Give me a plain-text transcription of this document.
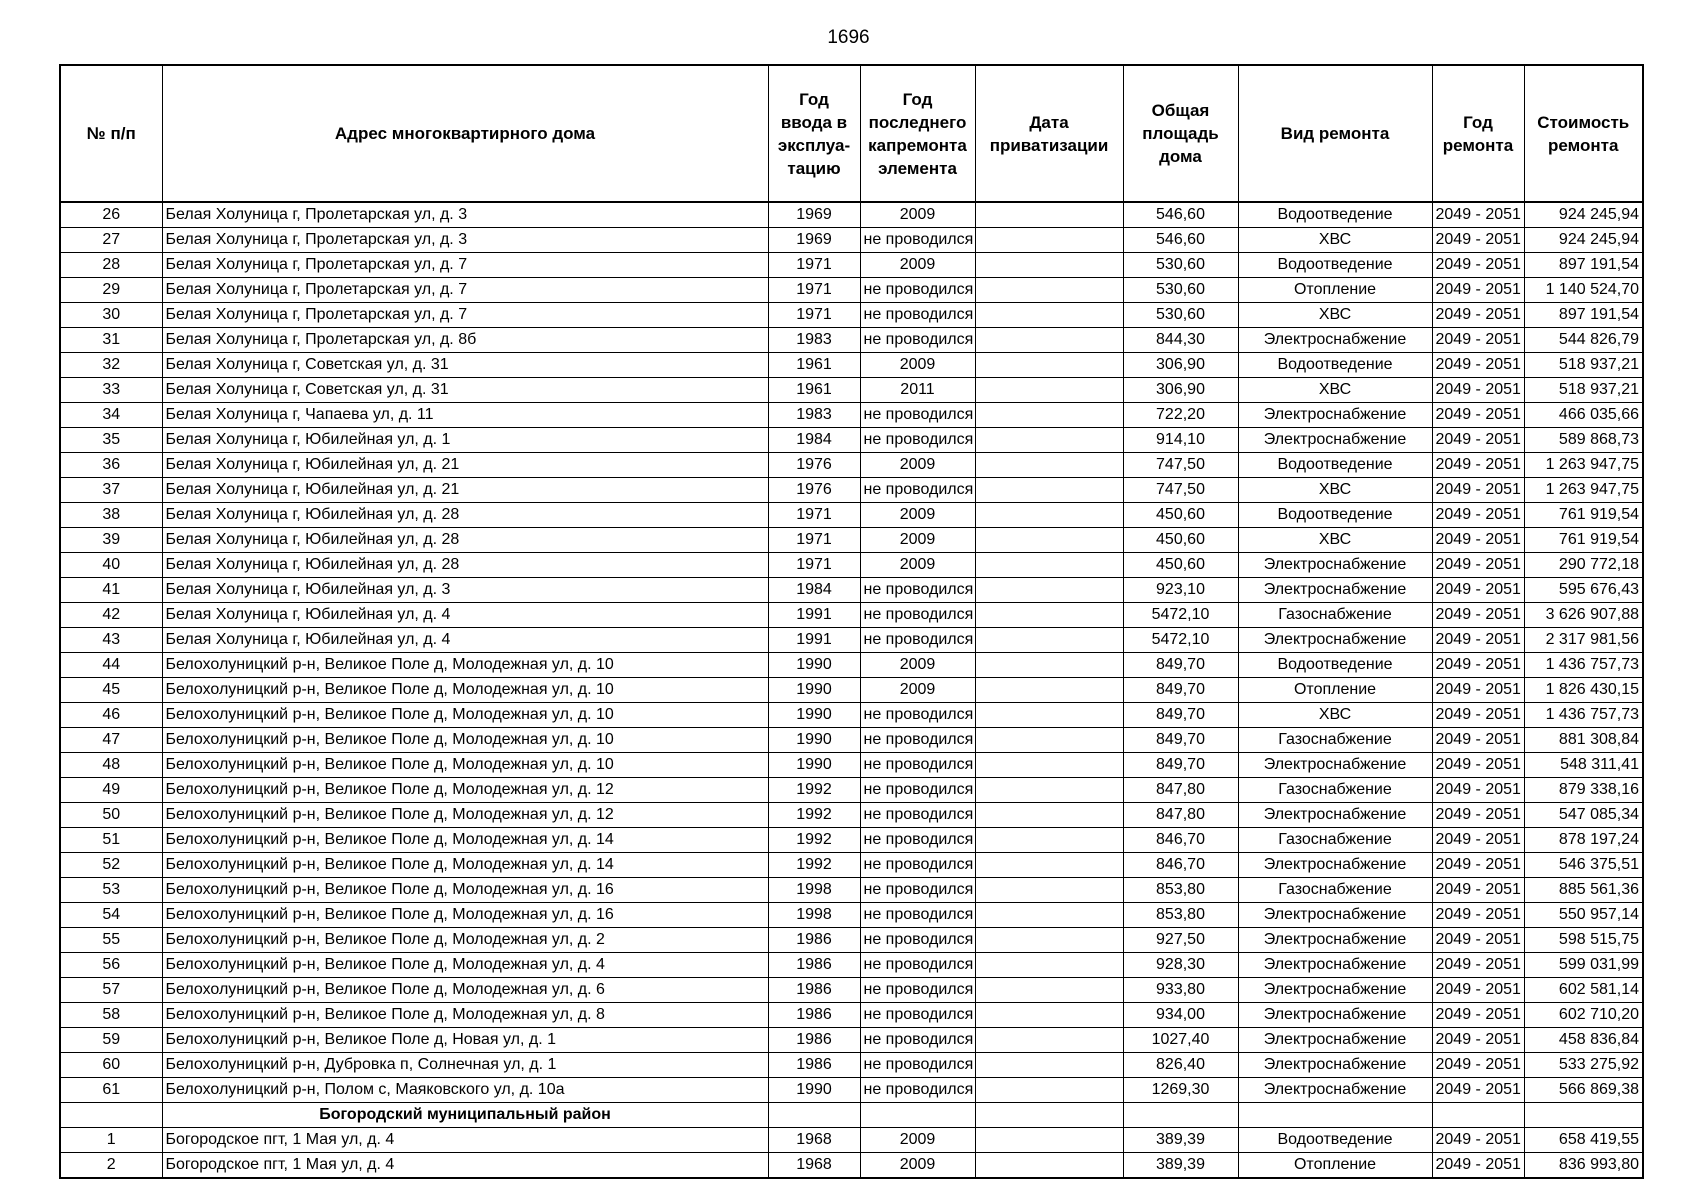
1696
№ п/п	Адрес многоквартирного дома	Год ввода в эксплуа-тацию	Год последнего капремонта элемента	Дата приватизации	Общая площадь дома	Вид ремонта	Год ремонта	Стоимость ремонта
26	Белая Холуница г, Пролетарская ул, д. 3	1969	2009		546,60	Водоотведение	2049 - 2051	924 245,94
27	Белая Холуница г, Пролетарская ул, д. 3	1969	не проводился		546,60	ХВС	2049 - 2051	924 245,94
28	Белая Холуница г, Пролетарская ул, д. 7	1971	2009		530,60	Водоотведение	2049 - 2051	897 191,54
29	Белая Холуница г, Пролетарская ул, д. 7	1971	не проводился		530,60	Отопление	2049 - 2051	1 140 524,70
30	Белая Холуница г, Пролетарская ул, д. 7	1971	не проводился		530,60	ХВС	2049 - 2051	897 191,54
31	Белая Холуница г, Пролетарская ул, д. 8б	1983	не проводился		844,30	Электроснабжение	2049 - 2051	544 826,79
32	Белая Холуница г, Советская ул, д. 31	1961	2009		306,90	Водоотведение	2049 - 2051	518 937,21
33	Белая Холуница г, Советская ул, д. 31	1961	2011		306,90	ХВС	2049 - 2051	518 937,21
34	Белая Холуница г, Чапаева ул, д. 11	1983	не проводился		722,20	Электроснабжение	2049 - 2051	466 035,66
35	Белая Холуница г, Юбилейная ул, д. 1	1984	не проводился		914,10	Электроснабжение	2049 - 2051	589 868,73
36	Белая Холуница г, Юбилейная ул, д. 21	1976	2009		747,50	Водоотведение	2049 - 2051	1 263 947,75
37	Белая Холуница г, Юбилейная ул, д. 21	1976	не проводился		747,50	ХВС	2049 - 2051	1 263 947,75
38	Белая Холуница г, Юбилейная ул, д. 28	1971	2009		450,60	Водоотведение	2049 - 2051	761 919,54
39	Белая Холуница г, Юбилейная ул, д. 28	1971	2009		450,60	ХВС	2049 - 2051	761 919,54
40	Белая Холуница г, Юбилейная ул, д. 28	1971	2009		450,60	Электроснабжение	2049 - 2051	290 772,18
41	Белая Холуница г, Юбилейная ул, д. 3	1984	не проводился		923,10	Электроснабжение	2049 - 2051	595 676,43
42	Белая Холуница г, Юбилейная ул, д. 4	1991	не проводился		5472,10	Газоснабжение	2049 - 2051	3 626 907,88
43	Белая Холуница г, Юбилейная ул, д. 4	1991	не проводился		5472,10	Электроснабжение	2049 - 2051	2 317 981,56
44	Белохолуницкий р-н, Великое Поле д, Молодежная ул, д. 10	1990	2009		849,70	Водоотведение	2049 - 2051	1 436 757,73
45	Белохолуницкий р-н, Великое Поле д, Молодежная ул, д. 10	1990	2009		849,70	Отопление	2049 - 2051	1 826 430,15
46	Белохолуницкий р-н, Великое Поле д, Молодежная ул, д. 10	1990	не проводился		849,70	ХВС	2049 - 2051	1 436 757,73
47	Белохолуницкий р-н, Великое Поле д, Молодежная ул, д. 10	1990	не проводился		849,70	Газоснабжение	2049 - 2051	881 308,84
48	Белохолуницкий р-н, Великое Поле д, Молодежная ул, д. 10	1990	не проводился		849,70	Электроснабжение	2049 - 2051	548 311,41
49	Белохолуницкий р-н, Великое Поле д, Молодежная ул, д. 12	1992	не проводился		847,80	Газоснабжение	2049 - 2051	879 338,16
50	Белохолуницкий р-н, Великое Поле д, Молодежная ул, д. 12	1992	не проводился		847,80	Электроснабжение	2049 - 2051	547 085,34
51	Белохолуницкий р-н, Великое Поле д, Молодежная ул, д. 14	1992	не проводился		846,70	Газоснабжение	2049 - 2051	878 197,24
52	Белохолуницкий р-н, Великое Поле д, Молодежная ул, д. 14	1992	не проводился		846,70	Электроснабжение	2049 - 2051	546 375,51
53	Белохолуницкий р-н, Великое Поле д, Молодежная ул, д. 16	1998	не проводился		853,80	Газоснабжение	2049 - 2051	885 561,36
54	Белохолуницкий р-н, Великое Поле д, Молодежная ул, д. 16	1998	не проводился		853,80	Электроснабжение	2049 - 2051	550 957,14
55	Белохолуницкий р-н, Великое Поле д, Молодежная ул, д. 2	1986	не проводился		927,50	Электроснабжение	2049 - 2051	598 515,75
56	Белохолуницкий р-н, Великое Поле д, Молодежная ул, д. 4	1986	не проводился		928,30	Электроснабжение	2049 - 2051	599 031,99
57	Белохолуницкий р-н, Великое Поле д, Молодежная ул, д. 6	1986	не проводился		933,80	Электроснабжение	2049 - 2051	602 581,14
58	Белохолуницкий р-н, Великое Поле д, Молодежная ул, д. 8	1986	не проводился		934,00	Электроснабжение	2049 - 2051	602 710,20
59	Белохолуницкий р-н, Великое Поле д, Новая ул, д. 1	1986	не проводился		1027,40	Электроснабжение	2049 - 2051	458 836,84
60	Белохолуницкий р-н, Дубровка п, Солнечная ул, д. 1	1986	не проводился		826,40	Электроснабжение	2049 - 2051	533 275,92
61	Белохолуницкий р-н, Полом с, Маяковского ул, д. 10а	1990	не проводился		1269,30	Электроснабжение	2049 - 2051	566 869,38
	Богородский муниципальный район							
1	Богородское пгт, 1 Мая ул, д. 4	1968	2009		389,39	Водоотведение	2049 - 2051	658 419,55
2	Богородское пгт, 1 Мая ул, д. 4	1968	2009		389,39	Отопление	2049 - 2051	836 993,80
